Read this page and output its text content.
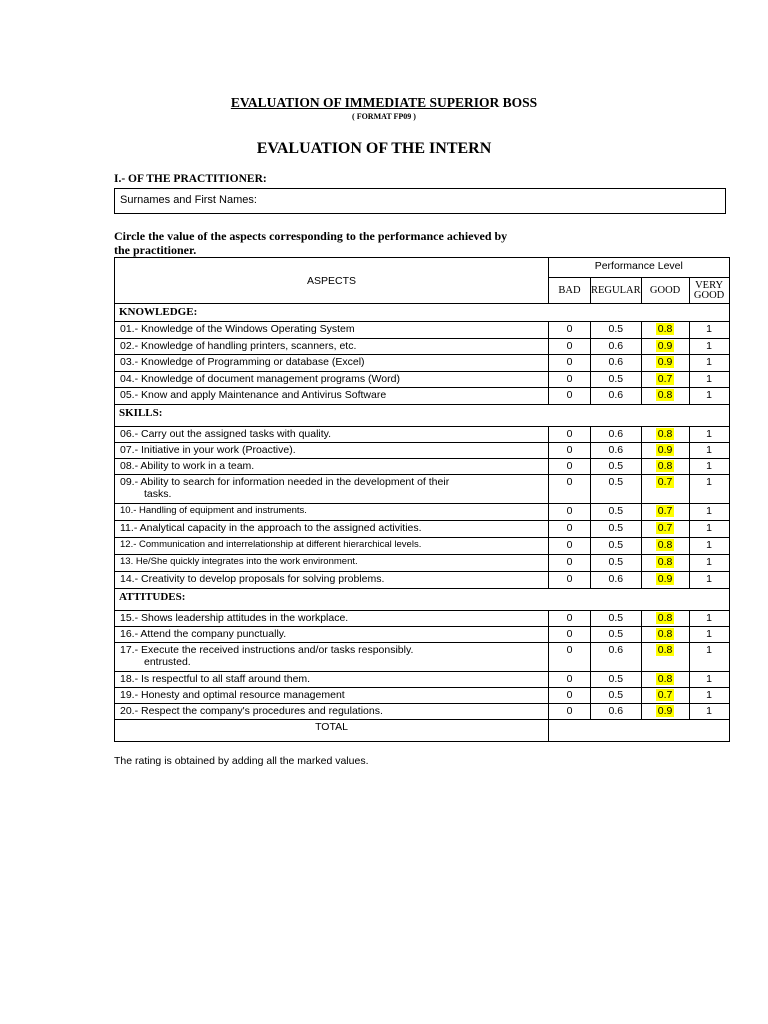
EVALUATION OF IMMEDIATE SUPERIOR BOSS
( FORMAT FP09 )
EVALUATION OF THE INTERN
I.- OF THE PRACTITIONER:
Surnames and First Names:
Circle the value of the aspects corresponding to the performance achieved by
the practitioner.
ASPECTS	Performance Level			
	BAD	REGULAR	GOOD	VERY
GOOD
KNOWLEDGE:				
01.- Knowledge of the Windows Operating System	0	0.5	0.8	1
02.- Knowledge of handling printers, scanners, etc.	0	0.6	0.9	1
03.- Knowledge of Programming or database (Excel)	0	0.6	0.9	1
04.- Knowledge of document management programs (Word)	0	0.5	0.7	1
05.- Know and apply Maintenance and Antivirus Software	0	0.6	0.8	1
SKILLS:				
06.- Carry out the assigned tasks with quality.	0	0.6	0.8	1
07.- Initiative in your work (Proactive).	0	0.6	0.9	1
08.- Ability to work in a team.	0	0.5	0.8	1
09.- Ability to search for information needed in the development of their
tasks.	0	0.5	0.7	1
10.- Handling of equipment and instruments.	0	0.5	0.7	1
11.- Analytical capacity in the approach to the assigned activities.	0	0.5	0.7	1
12.- Communication and interrelationship at different hierarchical levels.	0	0.5	0.8	1
13. He/She quickly integrates into the work environment.	0	0.5	0.8	1
14.- Creativity to develop proposals for solving problems.	0	0.6	0.9	1
ATTITUDES:				
15.- Shows leadership attitudes in the workplace.	0	0.5	0.8	1
16.- Attend the company punctually.	0	0.5	0.8	1
17.- Execute the received instructions and/or tasks responsibly.
entrusted.	0	0.6	0.8	1
18.- Is respectful to all staff around them.	0	0.5	0.8	1
19.- Honesty and optimal resource management	0	0.5	0.7	1
20.- Respect the company's procedures and regulations.	0	0.6	0.9	1
TOTAL				
The rating is obtained by adding all the marked values.
